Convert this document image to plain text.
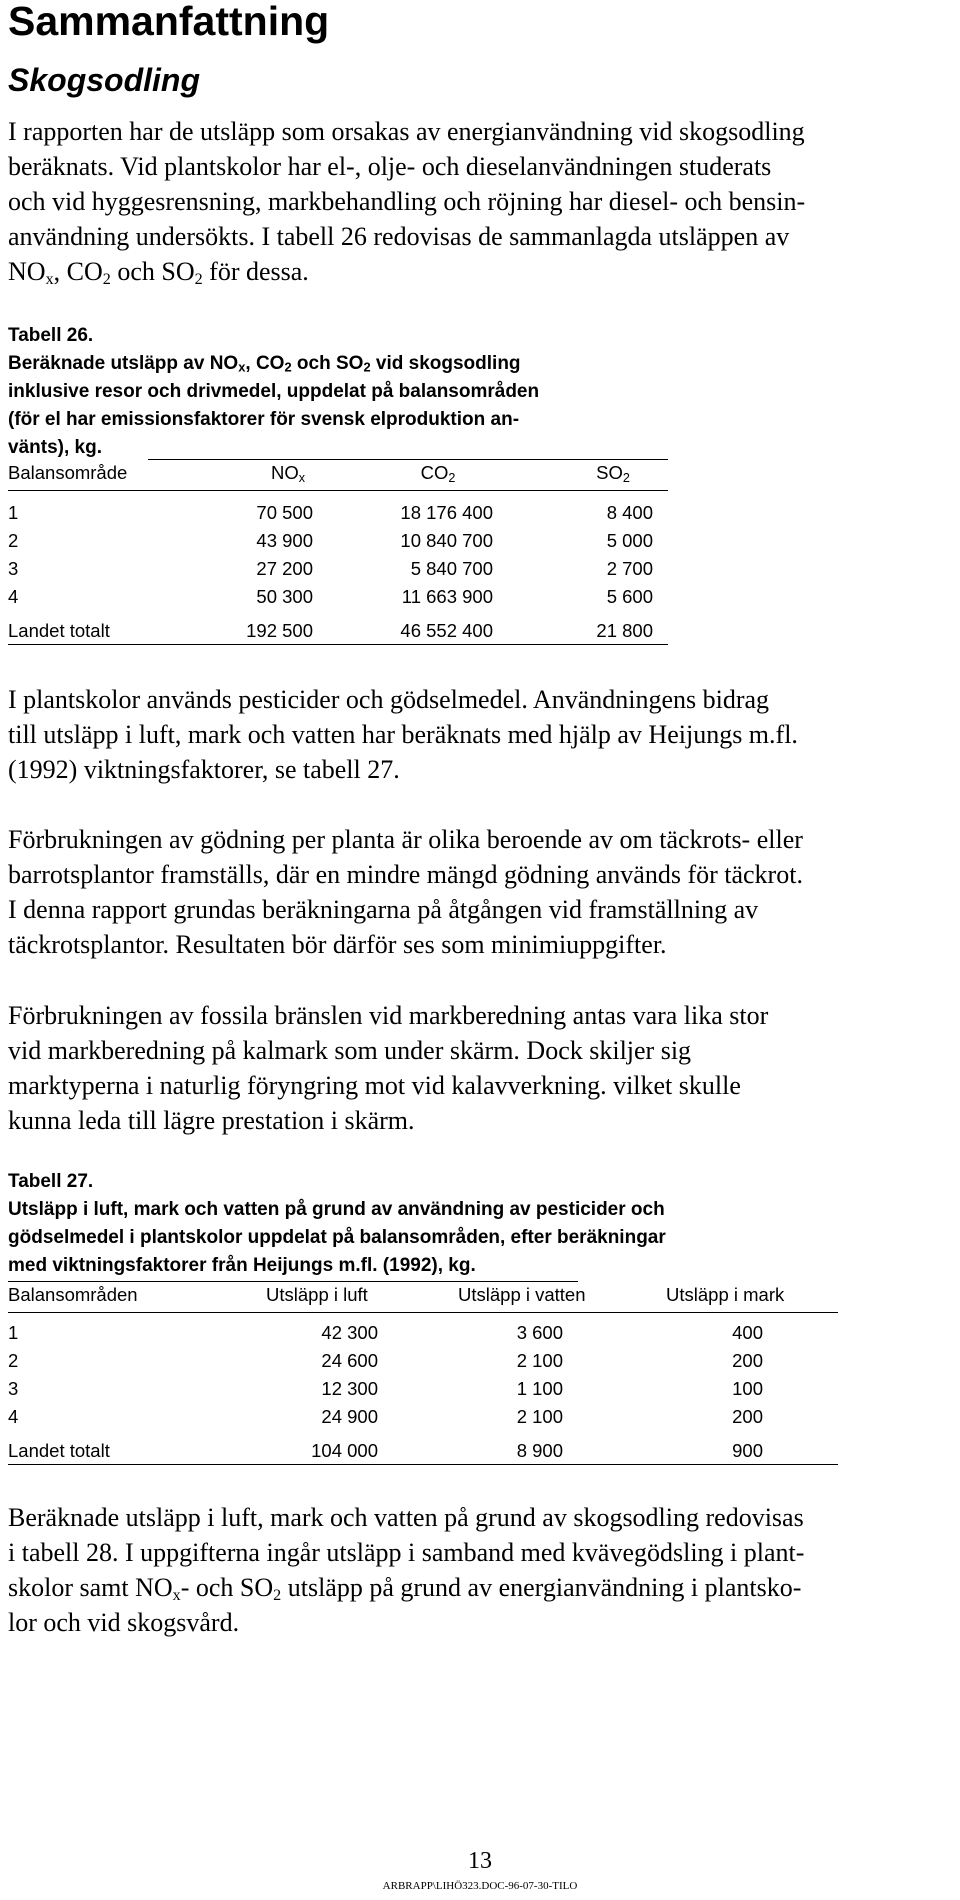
Sammanfattning
Skogsodling
I rapporten har de utsläpp som orsakas av energianvändning vid skogsodling
beräknats. Vid plantskolor har el-, olje- och dieselanvändningen studerats
och vid hyggesrensning, markbehandling och röjning har diesel- och bensin-
användning undersökts. I tabell 26 redovisas de sammanlagda utsläppen av
$NO_x$, $CO_2$ och $SO_2$ för dessa.
Tabell 26.
Beräknade utsläpp av $NO_x$, $CO_2$ och $SO_2$ vid skogsodling
inklusive resor och drivmedel, uppdelat på balansområden
(för el har emissionsfaktorer för svensk elproduktion an-
vänts), kg.
Balansområde	$NO_x$	$CO_2$	$SO_2$
1	70 500	18 176 400	8 400
2	43 900	10 840 700	5 000
3	27 200	5 840 700	2 700
4	50 300	11 663 900	5 600
Landet totalt	192 500	46 552 400	21 800
I plantskolor används pesticider och gödselmedel. Användningens bidrag
till utsläpp i luft, mark och vatten har beräknats med hjälp av Heijungs m.fl.
(1992) viktningsfaktorer, se tabell 27.
Förbrukningen av gödning per planta är olika beroende av om täckrots- eller
barrotsplantor framställs, där en mindre mängd gödning används för täckrot.
I denna rapport grundas beräkningarna på åtgången vid framställning av
täckrotsplantor. Resultaten bör därför ses som minimiuppgifter.
Förbrukningen av fossila bränslen vid markberedning antas vara lika stor
vid markberedning på kalmark som under skärm. Dock skiljer sig
marktyperna i naturlig föryngring mot vid kalavverkning. vilket skulle
kunna leda till lägre prestation i skärm.
Tabell 27.
Utsläpp i luft, mark och vatten på grund av användning av pesticider och
gödselmedel i plantskolor uppdelat på balansområden, efter beräkningar
med viktningsfaktorer från Heijungs m.fl. (1992), kg.
Balansområden	Utsläpp i luft	Utsläpp i vatten	Utsläpp i mark
1	42 300	3 600	400
2	24 600	2 100	200
3	12 300	1 100	100
4	24 900	2 100	200
Landet totalt	104 000	8 900	900
Beräknade utsläpp i luft, mark och vatten på grund av skogsodling redovisas
i tabell 28. I uppgifterna ingår utsläpp i samband med kvävegödsling i plant-
skolor samt $NO_x-$ och $SO_2$ utsläpp på grund av energianvändning i plantsko-
lor och vid skogsvård.
13
ARBRAPP\LIHÖ323.DOC-96-07-30-TILO
